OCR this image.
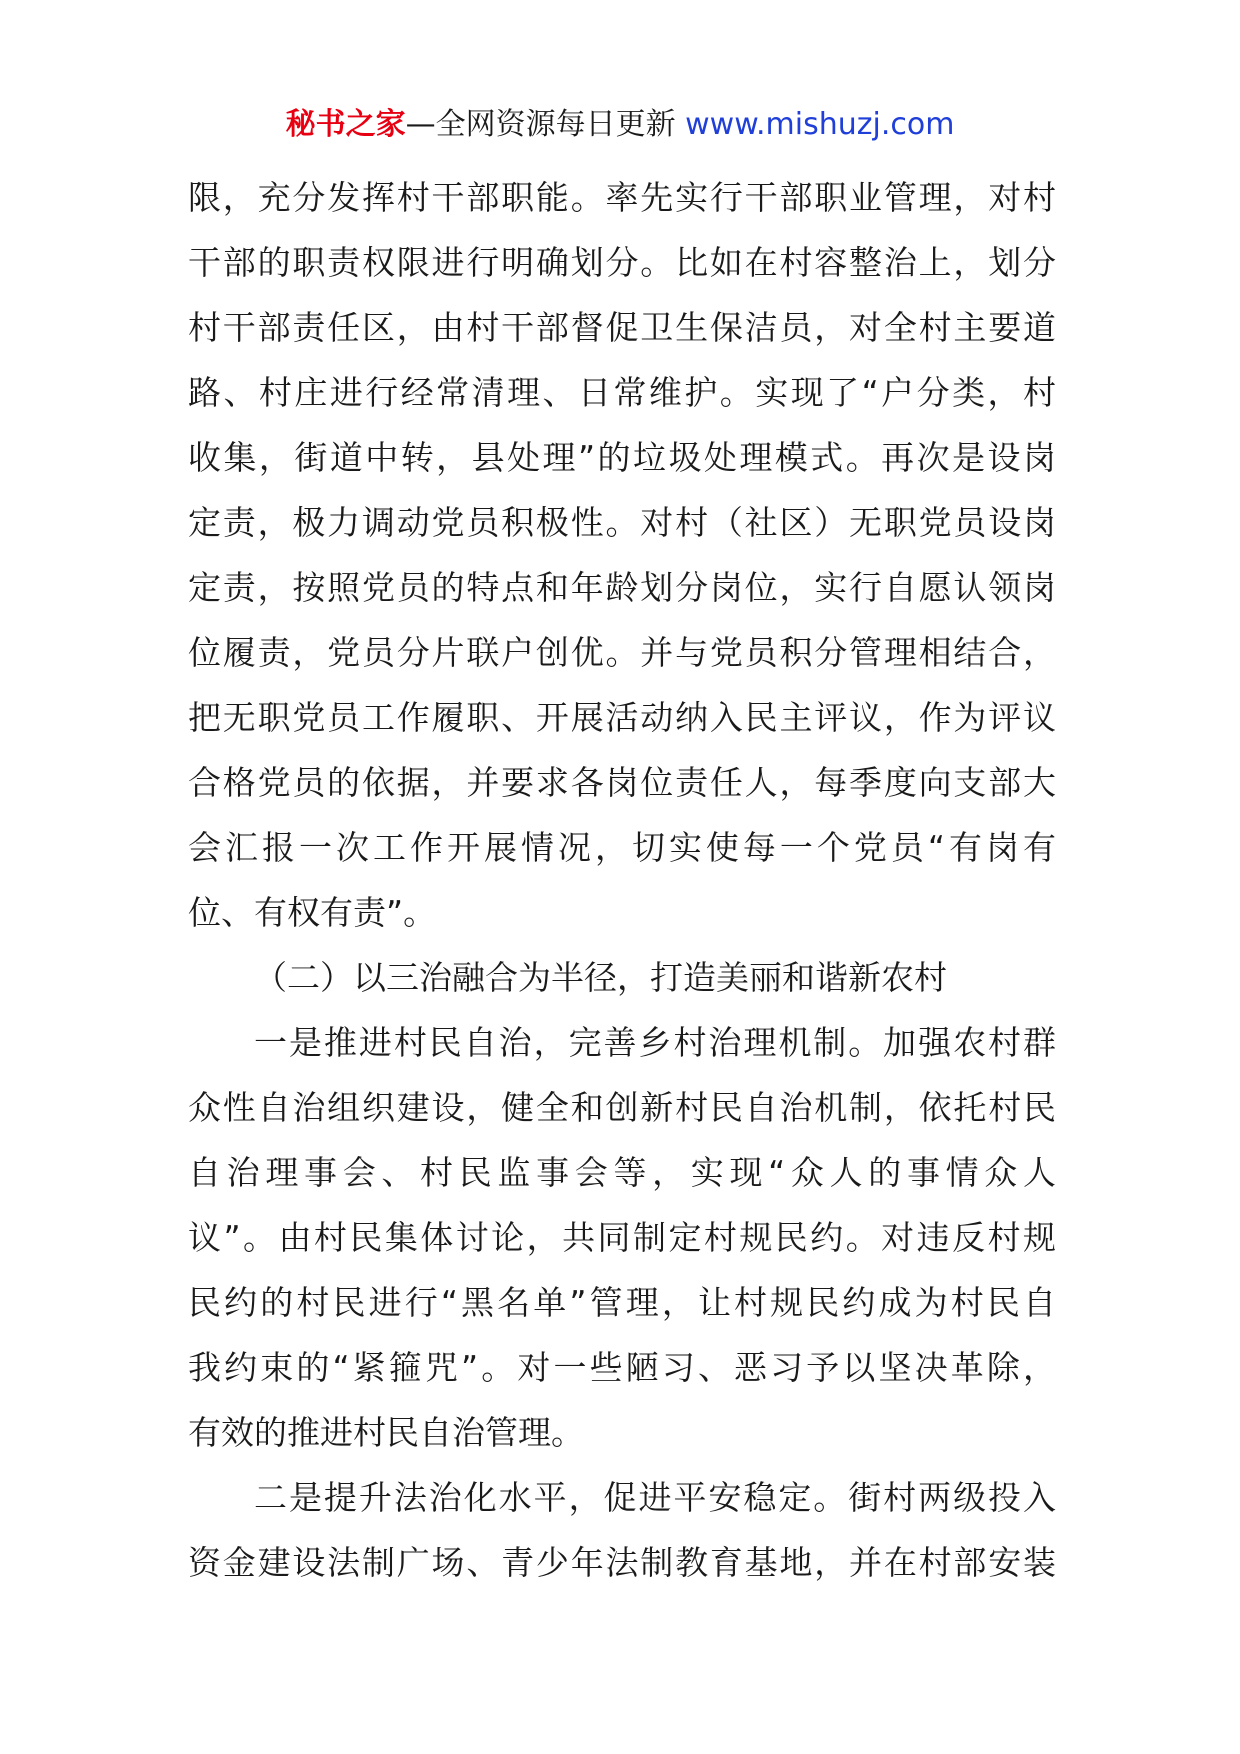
秘书之家—全网资源每日更新 www.mishuzj.com
限，充分发挥村干部职能。率先实行干部职业管理，对村
干部的职责权限进行明确划分。比如在村容整治上，划分
村干部责任区，由村干部督促卫生保洁员，对全村主要道
路、村庄进行经常清理、日常维护。实现了“户分类，村
收集，街道中转，县处理”的垃圾处理模式。再次是设岗
定责，极力调动党员积极性。对村（社区）无职党员设岗
定责，按照党员的特点和年龄划分岗位，实行自愿认领岗
位履责，党员分片联户创优。并与党员积分管理相结合，
把无职党员工作履职、开展活动纳入民主评议，作为评议
合格党员的依据，并要求各岗位责任人，每季度向支部大
会汇报一次工作开展情况，切实使每一个党员“有岗有
位、有权有责”。
（二）以三治融合为半径，打造美丽和谐新农村
一是推进村民自治，完善乡村治理机制。加强农村群
众性自治组织建设，健全和创新村民自治机制，依托村民
自治理事会、村民监事会等，实现“众人的事情众人
议”。由村民集体讨论，共同制定村规民约。对违反村规
民约的村民进行“黑名单”管理，让村规民约成为村民自
我约束的“紧箍咒”。对一些陋习、恶习予以坚决革除，
有效的推进村民自治管理。
二是提升法治化水平，促进平安稳定。街村两级投入
资金建设法制广场、青少年法制教育基地，并在村部安装
